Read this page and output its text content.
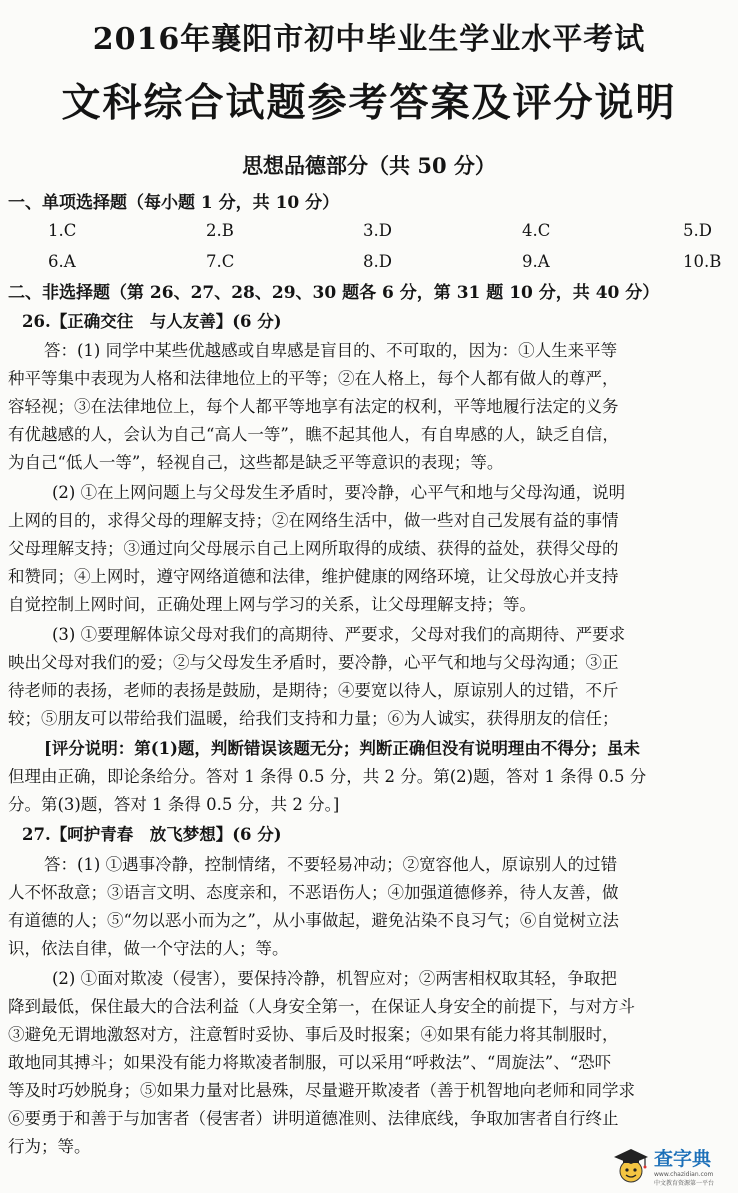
2016年襄阳市初中毕业生学业水平考试
文科综合试题参考答案及评分说明
思想品德部分（共 50 分）
一、单项选择题（每小题 1 分，共 10 分）
1.C	2.B	3.D	4.C	5.D
6.A	7.C	8.D	9.A	10.B
二、非选择题（第 26、27、28、29、30 题各 6 分，第 31 题 10 分，共 40 分）
26.【正确交往　与人友善】(6 分)
答：(1) 同学中某些优越感或自卑感是盲目的、不可取的，因为：①人生来平等
种平等集中表现为人格和法律地位上的平等；②在人格上，每个人都有做人的尊严，
容轻视；③在法律地位上，每个人都平等地享有法定的权利，平等地履行法定的义务
有优越感的人，会认为自己“高人一等”，瞧不起其他人，有自卑感的人，缺乏自信，
为自己“低人一等”，轻视自己，这些都是缺乏平等意识的表现；等。
(2) ①在上网问题上与父母发生矛盾时，要冷静，心平气和地与父母沟通，说明
上网的目的，求得父母的理解支持；②在网络生活中，做一些对自己发展有益的事情
父母理解支持；③通过向父母展示自己上网所取得的成绩、获得的益处，获得父母的
和赞同；④上网时，遵守网络道德和法律，维护健康的网络环境，让父母放心并支持
自觉控制上网时间，正确处理上网与学习的关系，让父母理解支持；等。
(3) ①要理解体谅父母对我们的高期待、严要求，父母对我们的高期待、严要求
映出父母对我们的爱；②与父母发生矛盾时，要冷静，心平气和地与父母沟通；③正
待老师的表扬，老师的表扬是鼓励，是期待；④要宽以待人，原谅别人的过错，不斤
较；⑤朋友可以带给我们温暖，给我们支持和力量；⑥为人诚实，获得朋友的信任；
[评分说明：第(1)题，判断错误该题无分；判断正确但没有说明理由不得分；虽未
但理由正确，即论条给分。答对 1 条得 0.5 分，共 2 分。第(2)题，答对 1 条得 0.5 分
分。第(3)题，答对 1 条得 0.5 分，共 2 分。]
27.【呵护青春　放飞梦想】(6 分)
答：(1) ①遇事冷静，控制情绪，不要轻易冲动；②宽容他人，原谅别人的过错
人不怀敌意；③语言文明、态度亲和，不恶语伤人；④加强道德修养，待人友善，做
有道德的人；⑤“勿以恶小而为之”，从小事做起，避免沾染不良习气；⑥自觉树立法
识，依法自律，做一个守法的人；等。
(2) ①面对欺凌（侵害），要保持冷静，机智应对；②两害相权取其轻，争取把
降到最低，保住最大的合法利益（人身安全第一，在保证人身安全的前提下，与对方斗
③避免无谓地激怒对方，注意暂时妥协、事后及时报案；④如果有能力将其制服时，
敢地同其搏斗；如果没有能力将欺凌者制服，可以采用“呼救法”、“周旋法”、“恐吓
等及时巧妙脱身；⑤如果力量对比悬殊，尽量避开欺凌者（善于机智地向老师和同学求
⑥要勇于和善于与加害者（侵害者）讲明道德准则、法律底线，争取加害者自行终止
行为；等。
查字典
www.chazidian.com
中文教育资源第一平台
